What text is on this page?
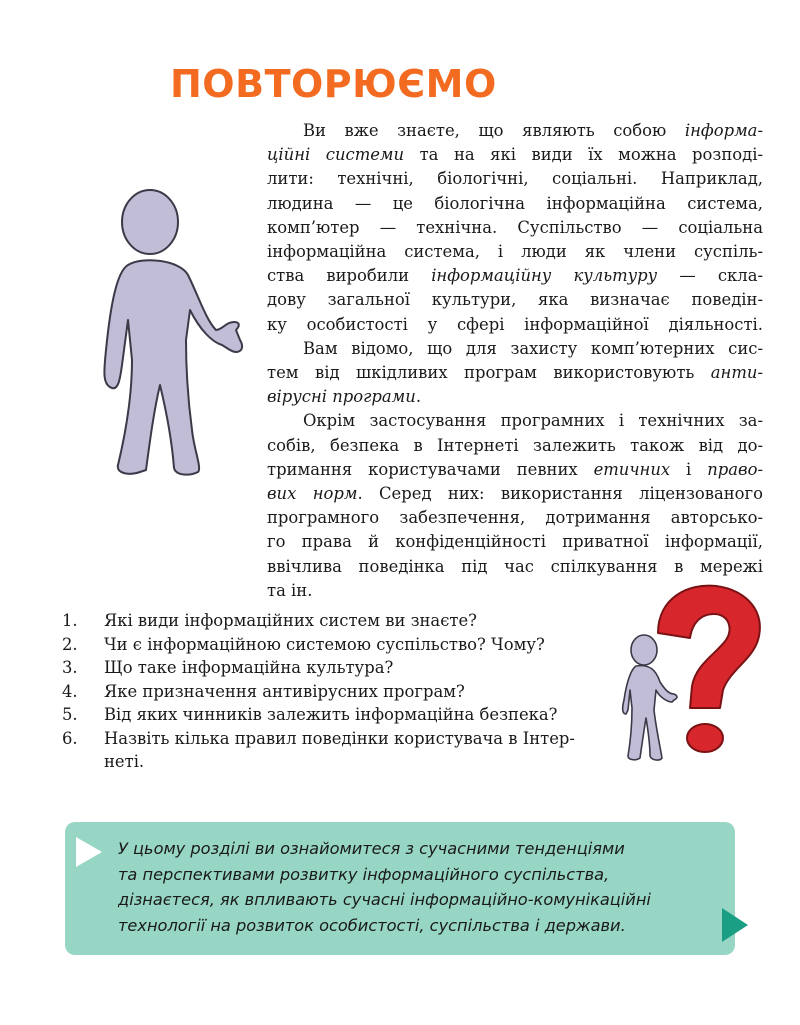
ПОВТОРЮЄМО
Ви вже знаєте, що являють собою інформа-
ційні системи та на які види їх можна розподі-
лити: технічні, біологічні, соціальні. Наприклад,
людина — це біологічна інформаційна система,
комп’ютер — технічна. Суспільство — соціальна
інформаційна система, і люди як члени суспіль-
ства виробили інформаційну культуру — скла-
дову загальної культури, яка визначає поведін-
ку особистості у сфері інформаційної діяльності.
Вам відомо, що для захисту комп’ютерних сис-
тем від шкідливих програм використовують анти-
вірусні програми.
Окрім застосування програмних і технічних за-
собів, безпека в Інтернеті залежить також від до-
тримання користувачами певних етичних і право-
вих норм. Серед них: використання ліцензованого
програмного забезпечення, дотримання авторсько-
го права й конфіденційності приватної інформації,
ввічлива поведінка під час спілкування в мережі
та ін.
1.	Які види інформаційних систем ви знаєте?
2.	Чи є інформаційною системою суспільство? Чому?
3.	Що таке інформаційна культура?
4.	Яке призначення антивірусних програм?
5.	Від яких чинників залежить інформаційна безпека?
6.	Назвіть кілька правил поведінки користувача в Інтер-
неті.
У цьому розділі ви ознайомитеся з сучасними тенденціями
та перспективами розвитку інформаційного суспільства,
дізнаєтеся, як впливають сучасні інформаційно-комунікаційні
технології на розвиток особистості, суспільства і держави.
